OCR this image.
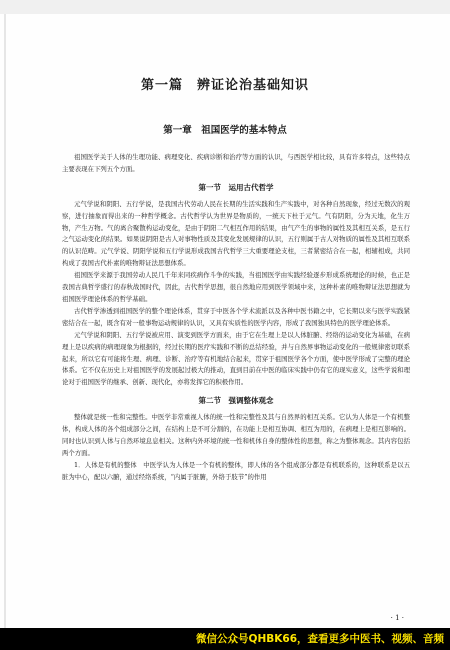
第一篇　辨证论治基础知识
第一章　祖国医学的基本特点

祖国医学关于人体的生理功能、病理变化、疾病诊断和治疗等方面的认识，与西医学相比较，具有许多特点，这些特点主要表现在下列五个方面。

第一节　运用古代哲学

元气学说和阴阳、五行学说，是我国古代劳动人民在长期的生活实践和生产实践中，对各种自然现象，经过无数次的观察，进行抽象而得出来的一种哲学概念。古代哲学认为世界是物质的，一统天下杜于元气。气有阴阳，分为天地，化生万物，产生万物。气的离合聚散构运动变化，是由于阴阳二气相互作用的结果，由气产生的事物的属性及其相互关系，是五行之气运动变化的结果。如果说阴阳是古人对事物性质及其变化发展规律的认识，五行则属于古人对物质的属性及其相互联系的认识范畴。元气学说、阴阳学说和五行学说形成我国古代哲学三大重要理论支柱，三者紧密结合在一起，相辅相成，共同构成了我国古代朴素的唯物辩证法思想体系。

祖国医学来源于我国劳动人民几千年来同疾病作斗争的实践，当祖国医学由实践经验逐步形成系统理论的时候，也正是我国古典哲学盛行的春秋战国时代，因此，古代哲学思想，很自然地应用到医学领域中来，这种朴素的唯物辩证法思想就为祖国医学理论体系的哲学基础。

古代哲学渗透到祖国医学的整个理论体系，贯穿于中医各个学术流派以及各种中医书籍之中，它长期以来与医学实践紧密结合在一起，既含有对一般事物运动规律的认识，又具有实质性的医学内容，形成了我国独具特色的医学理论体系。

元气学说和阴阳、五行学说被应用、演变到医学方面来，由于它在生理上是以人体脏腑、经络的运动变化为基础，在病理上是以疾病的病理现象为根据的，经过长期的医疗实践和不断的总结经验，并与自然界事物运动变化的一般规律密切联系起来，所以它有可能将生理、病理、诊断、治疗等有机地结合起来，贯穿于祖国医学各个方面，使中医学形成了完整的理论体系。它不仅在历史上对祖国医学的发展起过极大的推动，直到目前在中医的临床实践中仍有它的现实意义，这些学说和理论对于祖国医学的继承、创新、现代化，亦将发挥它的积极作用。

第二节　强调整体观念

整体就是统一性和完整性。中医学非常重视人体的统一性和完整性及其与自然界的相互关系。它认为人体是一个有机整体，构成人体的各个组成部分之间，在结构上是不可分割的，在功能上是相互协调、相互为用的，在病理上是相互影响的。同时也认识到人体与自然环境息息相关。这种内外环境的统一性和机体自身的整体性的思想，称之为整体观念。其内容包括两个方面。

1．人体是有机的整体　中医学认为人体是一个有机的整体，即人体的各个组成部分都是有机联系的，这种联系是以五脏为中心，配以六腑，通过经络系统，“内属于脏腑，外络于肢节”的作用

· 1 ·
微信公众号QHBK66，查看更多中医书、视频、音频
